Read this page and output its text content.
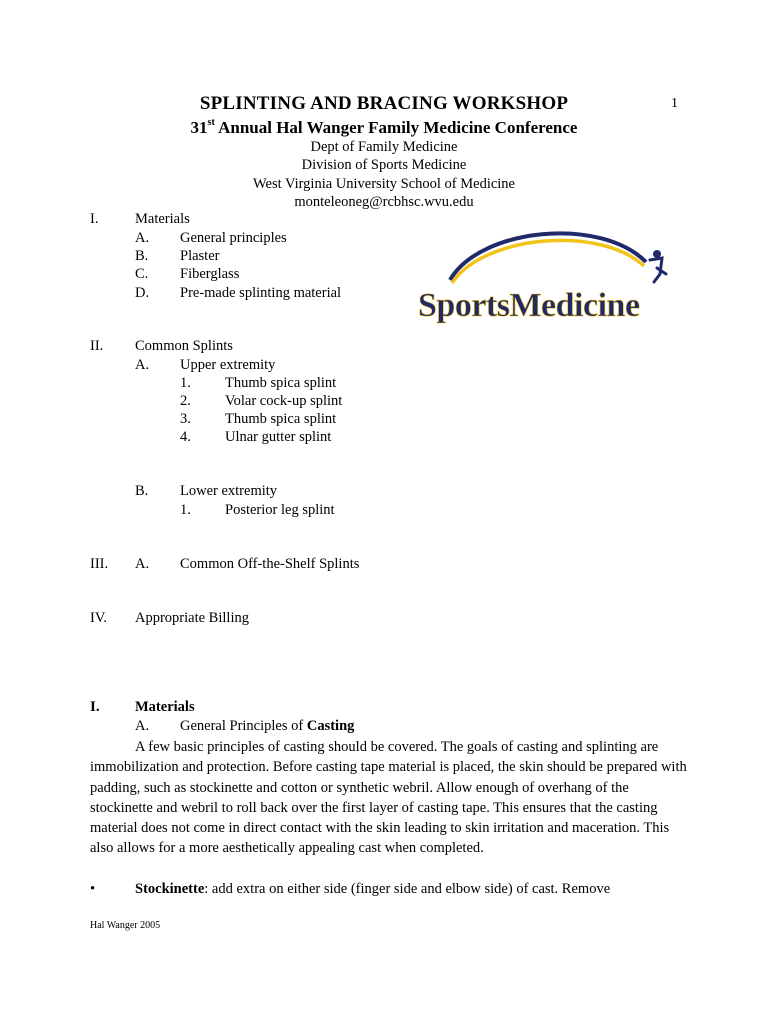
1
SPLINTING AND BRACING WORKSHOP
31st Annual Hal Wanger Family Medicine Conference
Dept of Family Medicine
Division of Sports Medicine
West Virginia University School of Medicine
monteleoneg@rcbhsc.wvu.edu
I.	Materials
A. General principles
B. Plaster
C. Fiberglass
D. Pre-made splinting material SportsMedicine
II. Common Splints
A. Upper extremity
1. Thumb spica splint
2. Volar cock-up splint
3. Thumb spica splint
4. Ulnar gutter splint
B. Lower extremity
1. Posterior leg splint
III. A. Common Off-the-Shelf Splints
IV. Appropriate Billing
I. Materials
A. General Principles of Casting
A few basic principles of casting should be covered. The goals of casting and splinting are immobilization and protection. Before casting tape material is placed, the skin should be prepared with padding, such as stockinette and cotton or synthetic webril. Allow enough of overhang of the stockinette and webril to roll back over the first layer of casting tape. This ensures that the casting material does not come in direct contact with the skin leading to skin irritation and maceration. This also allows for a more aesthetically appealing cast when completed.
•	Stockinette: add extra on either side (finger side and elbow side) of cast. Remove
Hal Wanger 2005
